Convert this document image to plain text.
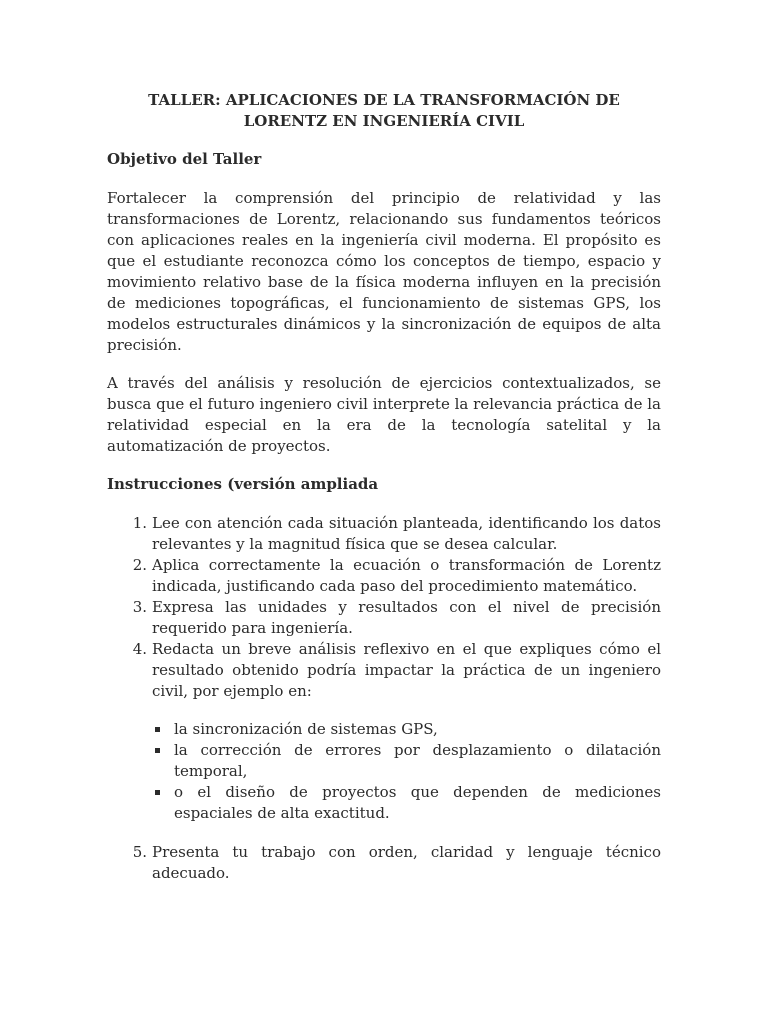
TALLER: APLICACIONES DE LA TRANSFORMACIÓN DE
LORENTZ EN INGENIERÍA CIVIL
Objetivo del Taller

Fortalecer la comprensión del principio de relatividad y las transformaciones de Lorentz, relacionando sus fundamentos teóricos con aplicaciones reales en la ingeniería civil moderna. El propósito es que el estudiante reconozca cómo los conceptos de tiempo, espacio y movimiento relativo base de la física moderna influyen en la precisión de mediciones topográficas, el funcionamiento de sistemas GPS, los modelos estructurales dinámicos y la sincronización de equipos de alta precisión.

A través del análisis y resolución de ejercicios contextualizados, se busca que el futuro ingeniero civil interprete la relevancia práctica de la relatividad especial en la era de la tecnología satelital y la automatización de proyectos.

Instrucciones (versión ampliada
1. Lee con atención cada situación planteada, identificando los datos relevantes y la magnitud física que se desea calcular.
2. Aplica correctamente la ecuación o transformación de Lorentz indicada, justificando cada paso del procedimiento matemático.
3. Expresa las unidades y resultados con el nivel de precisión requerido para ingeniería.
4. Redacta un breve análisis reflexivo en el que expliques cómo el resultado obtenido podría impactar la práctica de un ingeniero civil, por ejemplo en:
la sincronización de sistemas GPS,
la corrección de errores por desplazamiento o dilatación temporal,
o el diseño de proyectos que dependen de mediciones espaciales de alta exactitud.
5. Presenta tu trabajo con orden, claridad y lenguaje técnico adecuado.
